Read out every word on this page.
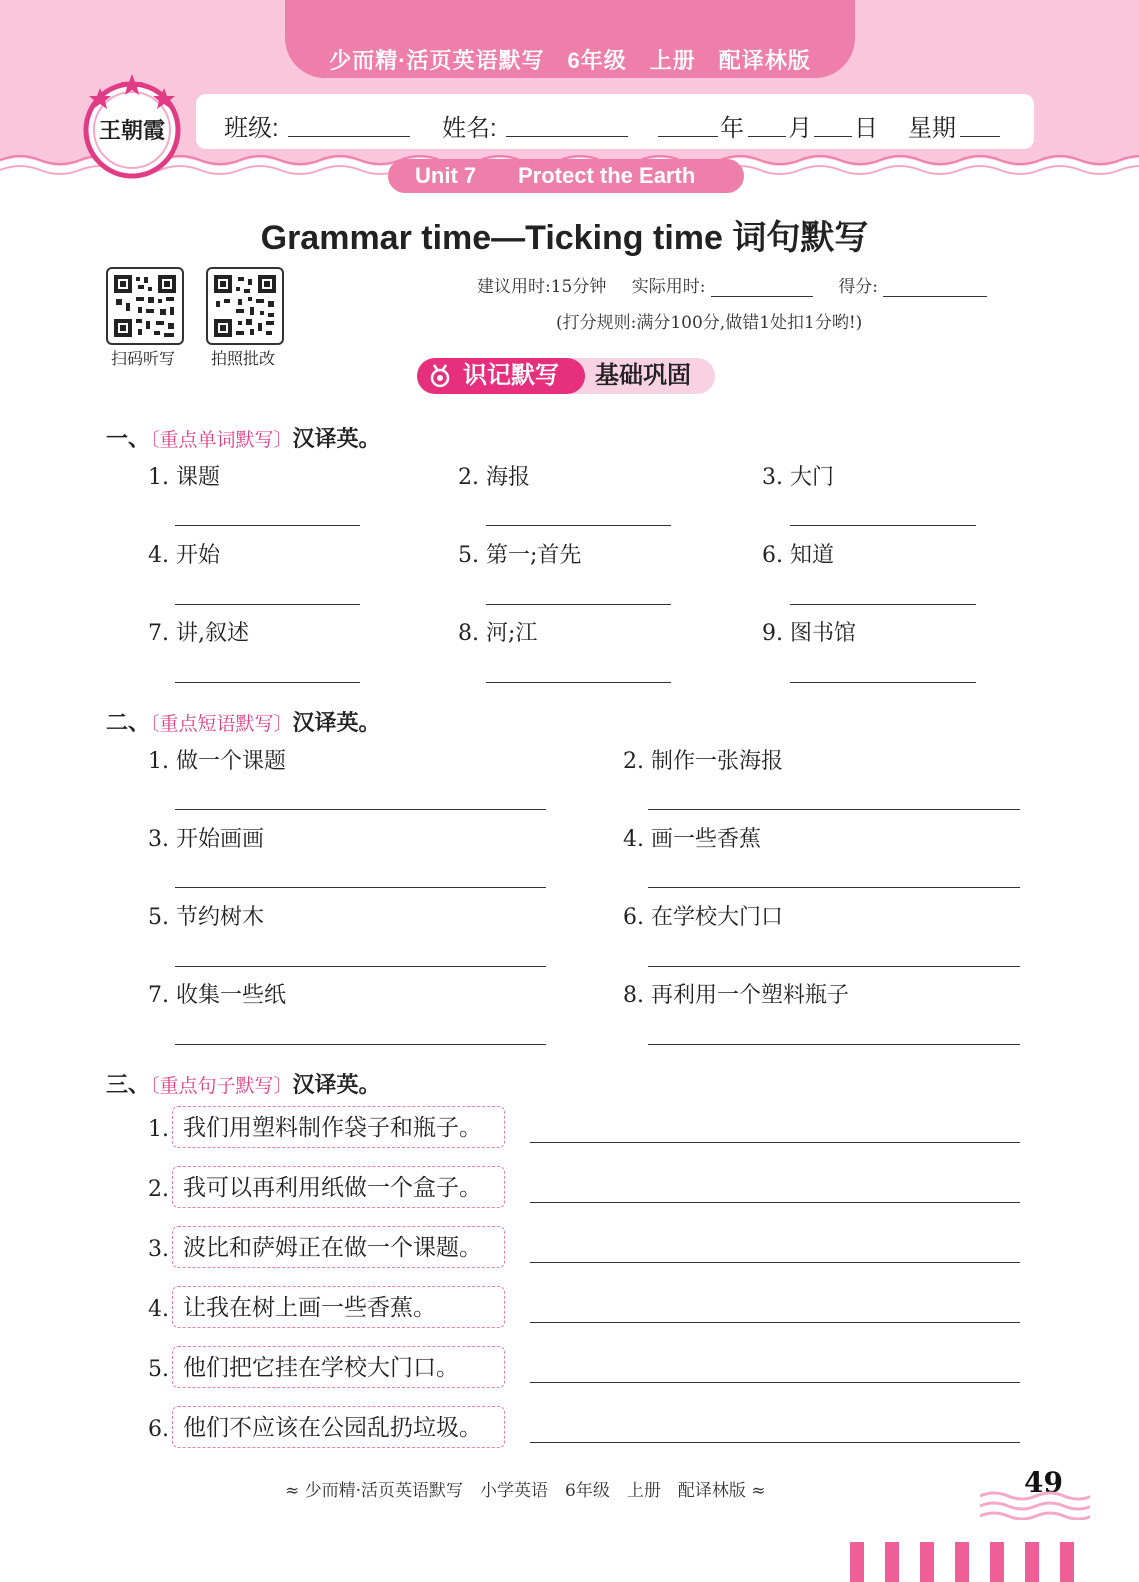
少而精·活页英语默写　6年级　上册　配译林版
王朝霞 班级:	姓名:	年 月 日 星期
Unit 7 Protect the Earth
Grammar time—Ticking time 词句默写
扫码听写	拍照批改
建议用时:15分钟 实际用时:	得分:
(打分规则:满分100分,做错1处扣1分哟!)
识记默写 基础巩固
一、〔重点单词默写〕汉译英。
1. 课题	2. 海报	3. 大门
4. 开始	5. 第一;首先	6. 知道
7. 讲,叙述	8. 河;江	9. 图书馆
二、〔重点短语默写〕汉译英。
1. 做一个课题	2. 制作一张海报
3. 开始画画	4. 画一些香蕉
5. 节约树木	6. 在学校大门口
7. 收集一些纸	8. 再利用一个塑料瓶子
三、〔重点句子默写〕汉译英。
1. 我们用塑料制作袋子和瓶子。
2. 我可以再利用纸做一个盒子。
3. 波比和萨姆正在做一个课题。
4. 让我在树上画一些香蕉。
5. 他们把它挂在学校大门口。
6. 他们不应该在公园乱扔垃圾。
≈ 少而精·活页英语默写　小学英语　6年级　上册　配译林版 ≈	49
